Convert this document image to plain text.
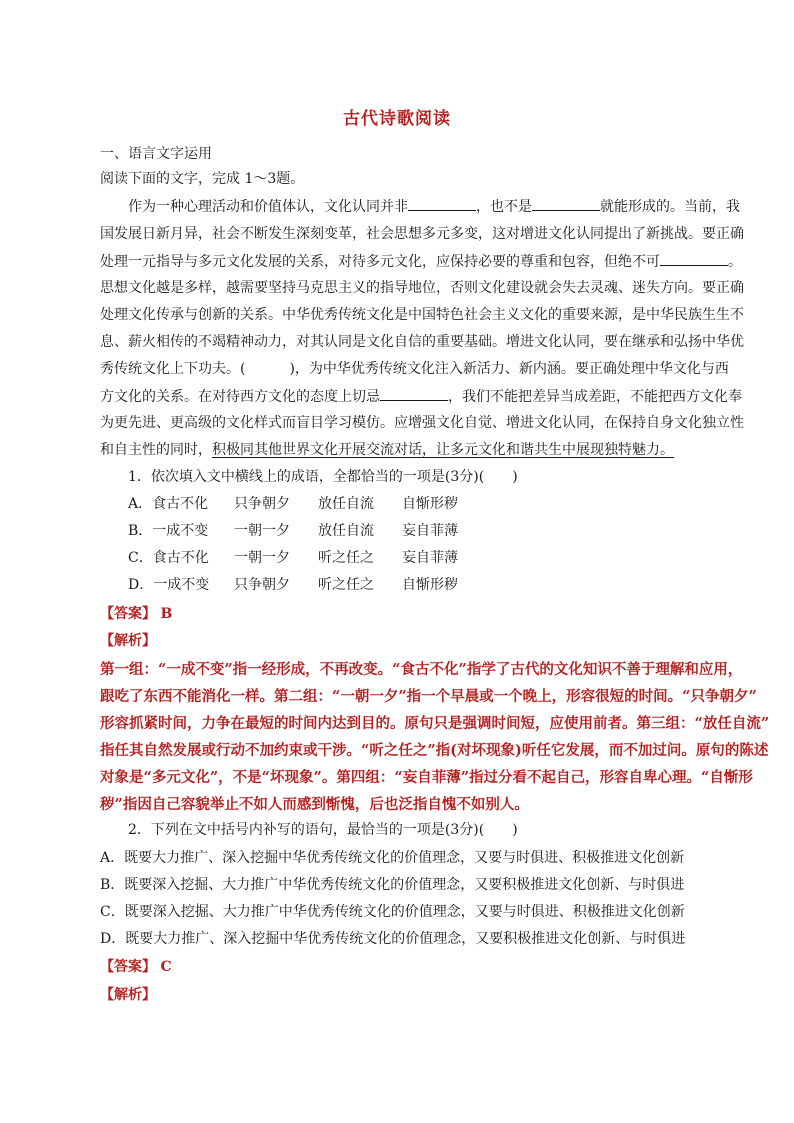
古代诗歌阅读
一、语言文字运用
阅读下面的文字，完成 1～3题。
作为一种心理活动和价值体认，文化认同并非	，也不是	就能形成的。当前，我
国发展日新月异，社会不断发生深刻变革，社会思想多元多变，这对增进文化认同提出了新挑战。要正确
处理一元指导与多元文化发展的关系，对待多元文化，应保持必要的尊重和包容，但绝不可	。
思想文化越是多样，越需要坚持马克思主义的指导地位，否则文化建设就会失去灵魂、迷失方向。要正确
处理文化传承与创新的关系。中华优秀传统文化是中国特色社会主义文化的重要来源，是中华民族生生不
息、薪火相传的不竭精神动力，对其认同是文化自信的重要基础。增进文化认同，要在继承和弘扬中华优
秀传统文化上下功夫。(	)，为中华优秀传统文化注入新活力、新内涵。要正确处理中华文化与西
方文化的关系。在对待西方文化的态度上切忌	，我们不能把差异当成差距，不能把西方文化奉
为更先进、更高级的文化样式而盲目学习模仿。应增强文化自觉、增进文化认同，在保持自身文化独立性
和自主性的同时，积极同其他世界文化开展交流对话，让多元文化和谐共生中展现独特魅力。
1．依次填入文中横线上的成语，全都恰当的一项是(3分)(　　)
A．食古不化	只争朝夕	放任自流	自惭形秽
B．一成不变	一朝一夕	放任自流	妄自菲薄
C．食古不化	一朝一夕	听之任之	妄自菲薄
D．一成不变	只争朝夕	听之任之	自惭形秽
【答案】 B
【解析】
第一组：“一成不变”指一经形成，不再改变。“食古不化”指学了古代的文化知识不善于理解和应用，
跟吃了东西不能消化一样。第二组：“一朝一夕”指一个早晨或一个晚上，形容很短的时间。“只争朝夕”
形容抓紧时间，力争在最短的时间内达到目的。原句只是强调时间短，应使用前者。第三组：“放任自流”
指任其自然发展或行动不加约束或干涉。“听之任之”指(对坏现象)听任它发展，而不加过问。原句的陈述
对象是“多元文化”，不是“坏现象”。第四组：“妄自菲薄”指过分看不起自己，形容自卑心理。“自惭形
秽”指因自己容貌举止不如人而感到惭愧，后也泛指自愧不如别人。
2．下列在文中括号内补写的语句，最恰当的一项是(3分)(　　)
A．既要大力推广、深入挖掘中华优秀传统文化的价值理念，又要与时俱进、积极推进文化创新
B．既要深入挖掘、大力推广中华优秀传统文化的价值理念，又要积极推进文化创新、与时俱进
C．既要深入挖掘、大力推广中华优秀传统文化的价值理念，又要与时俱进、积极推进文化创新
D．既要大力推广、深入挖掘中华优秀传统文化的价值理念，又要积极推进文化创新、与时俱进
【答案】 C
【解析】
